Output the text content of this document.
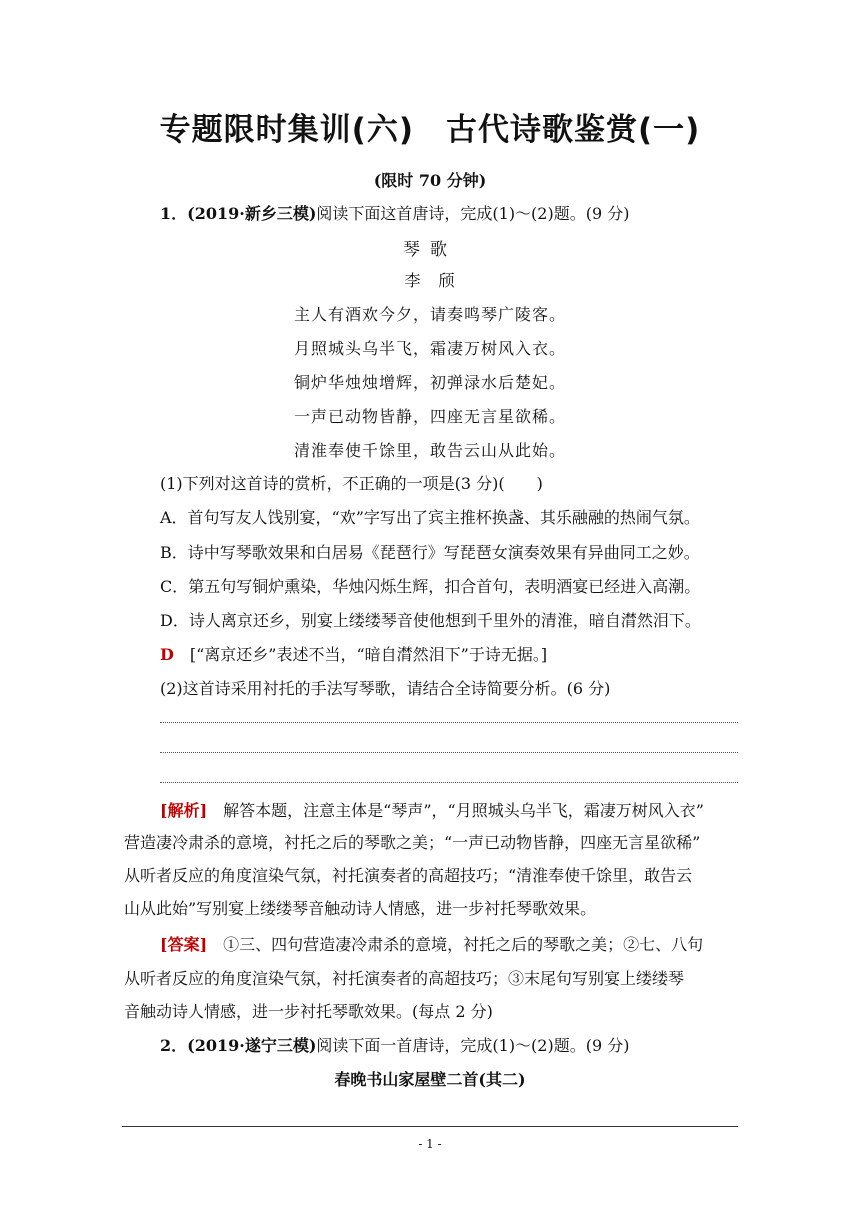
专题限时集训(六)　古代诗歌鉴赏(一)
(限时 70 分钟)
1．(2019·新乡三模)阅读下面这首唐诗，完成(1)～(2)题。(9 分)
琴歌
李　颀
主人有酒欢今夕，请奏鸣琴广陵客。
月照城头乌半飞，霜凄万树风入衣。
铜炉华烛烛增辉，初弹渌水后楚妃。
一声已动物皆静，四座无言星欲稀。
清淮奉使千馀里，敢告云山从此始。
(1)下列对这首诗的赏析，不正确的一项是(3 分)(　　)
A．首句写友人饯别宴，“欢”字写出了宾主推杯换盏、其乐融融的热闹气氛。
B．诗中写琴歌效果和白居易《琵琶行》写琵琶女演奏效果有异曲同工之妙。
C．第五句写铜炉熏染，华烛闪烁生辉，扣合首句，表明酒宴已经进入高潮。
D．诗人离京还乡，别宴上缕缕琴音使他想到千里外的清淮，暗自潸然泪下。
D  [“离京还乡”表述不当，“暗自潸然泪下”于诗无据。]
(2)这首诗采用衬托的手法写琴歌，请结合全诗简要分析。(6 分)
[解析]  解答本题，注意主体是“琴声”，“月照城头乌半飞，霜凄万树风入衣”
营造凄冷肃杀的意境，衬托之后的琴歌之美；“一声已动物皆静，四座无言星欲稀”
从听者反应的角度渲染气氛，衬托演奏者的高超技巧；“清淮奉使千馀里，敢告云
山从此始”写别宴上缕缕琴音触动诗人情感，进一步衬托琴歌效果。
[答案]  ①三、四句营造凄冷肃杀的意境，衬托之后的琴歌之美；②七、八句
从听者反应的角度渲染气氛，衬托演奏者的高超技巧；③末尾句写别宴上缕缕琴
音触动诗人情感，进一步衬托琴歌效果。(每点 2 分)
2．(2019·遂宁三模)阅读下面一首唐诗，完成(1)～(2)题。(9 分)
春晚书山家屋壁二首(其二)
- 1 -
